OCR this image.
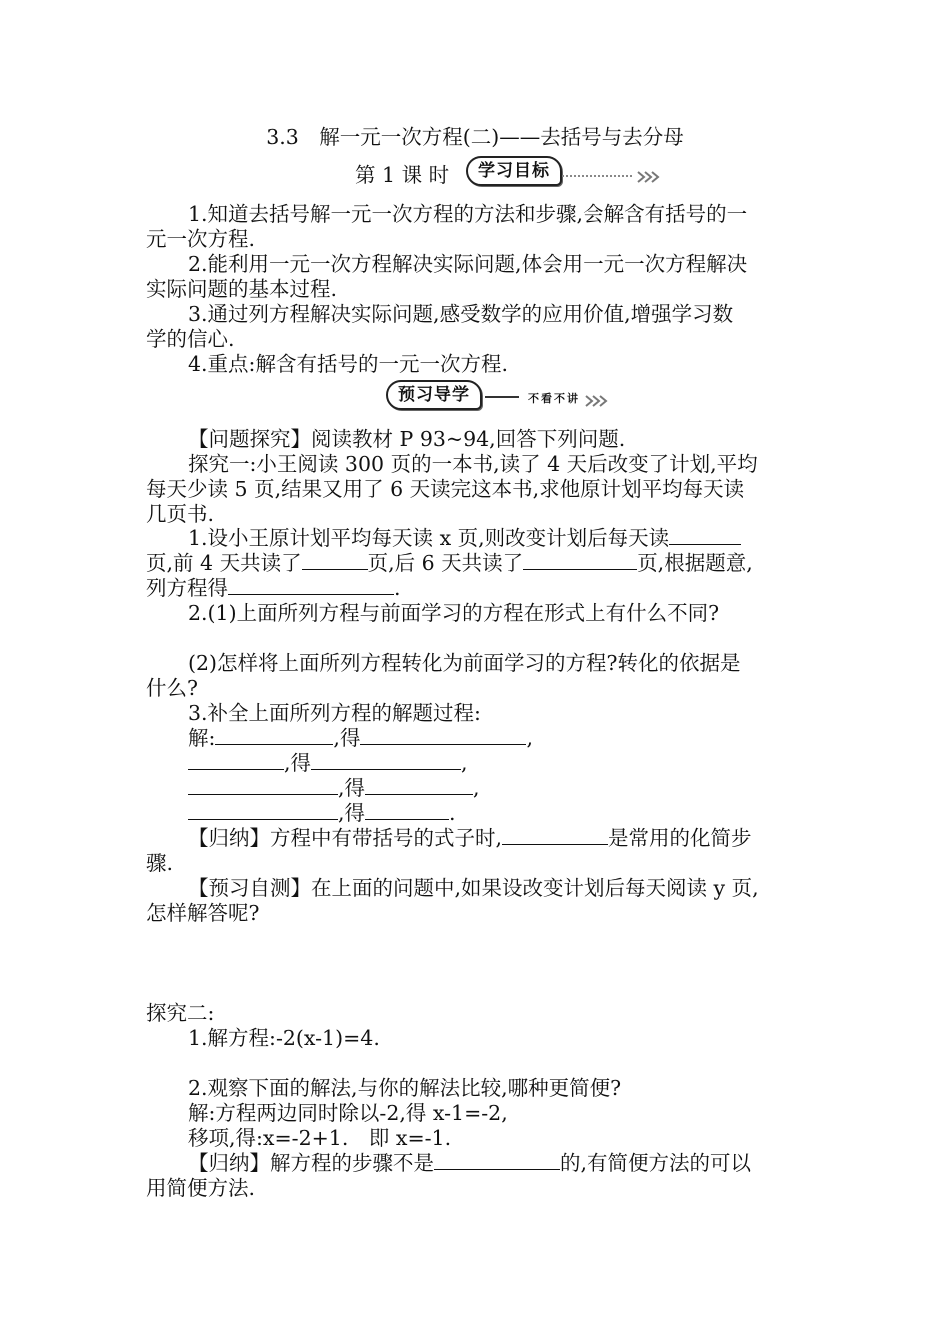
3.3　解一元一次方程(二)——去括号与去分母
第 1 课 时	学习目标
1.知道去括号解一元一次方程的方法和步骤,会解含有括号的一
元一次方程.
2.能利用一元一次方程解决实际问题,体会用一元一次方程解决
实际问题的基本过程.
3.通过列方程解决实际问题,感受数学的应用价值,增强学习数
学的信心.
4.重点:解含有括号的一元一次方程.
预习导学	不看不讲
【问题探究】阅读教材 P 93~94,回答下列问题.
探究一:小王阅读 300 页的一本书,读了 4 天后改变了计划,平均
每天少读 5 页,结果又用了 6 天读完这本书,求他原计划平均每天读
几页书.
1.设小王原计划平均每天读 x 页,则改变计划后每天读
页,前 4 天共读了	页,后 6 天共读了	页,根据题意,
列方程得	.
2.(1)上面所列方程与前面学习的方程在形式上有什么不同?
(2)怎样将上面所列方程转化为前面学习的方程?转化的依据是
什么?
3.补全上面所列方程的解题过程:
解:	,得	,
,得	,
,得	,
,得	.
【归纳】方程中有带括号的式子时,	是常用的化简步
骤.
【预习自测】在上面的问题中,如果设改变计划后每天阅读 y 页,
怎样解答呢?
探究二:
1.解方程:-2(x-1)=4.
2.观察下面的解法,与你的解法比较,哪种更简便?
解:方程两边同时除以-2,得 x-1=-2,
移项,得:x=-2+1.　即 x=-1.
【归纳】解方程的步骤不是	的,有简便方法的可以
用简便方法.
